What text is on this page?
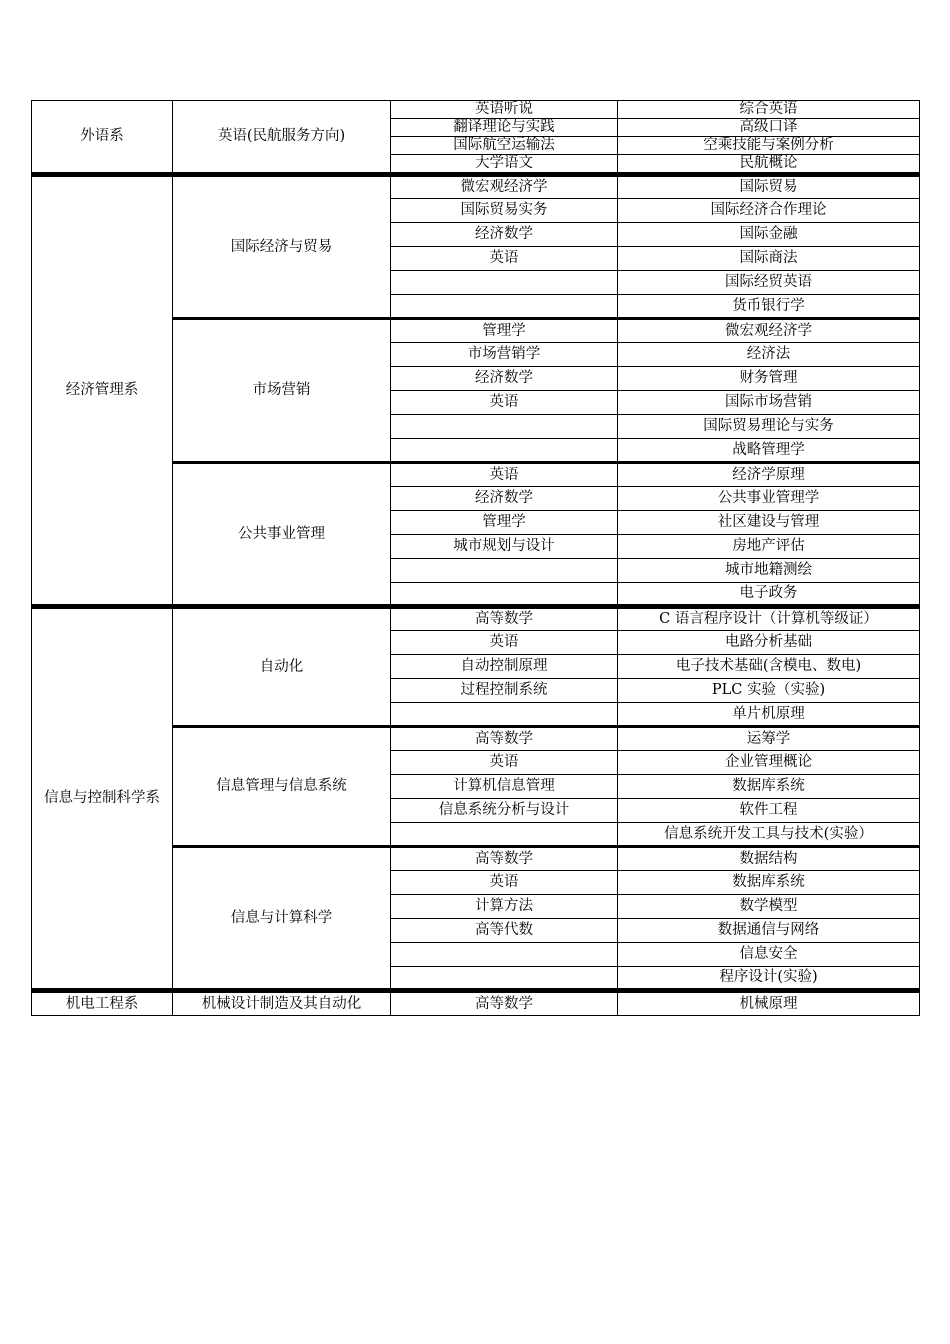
外语系	英语(民航服务方向)	英语听说	综合英语
		翻译理论与实践	高级口译
		国际航空运输法	空乘技能与案例分析
		大学语文	民航概论
经济管理系	国际经济与贸易	微宏观经济学	国际贸易
		国际贸易实务	国际经济合作理论
		经济数学	国际金融
		英语	国际商法
			国际经贸英语
			货币银行学
	市场营销	管理学	微宏观经济学
		市场营销学	经济法
		经济数学	财务管理
		英语	国际市场营销
			国际贸易理论与实务
			战略管理学
	公共事业管理	英语	经济学原理
		经济数学	公共事业管理学
		管理学	社区建设与管理
		城市规划与设计	房地产评估
			城市地籍测绘
			电子政务
信息与控制科学系	自动化	高等数学	C 语言程序设计（计算机等级证）
		英语	电路分析基础
		自动控制原理	电子技术基础(含模电、数电)
		过程控制系统	PLC 实验（实验)
			单片机原理
	信息管理与信息系统	高等数学	运筹学
		英语	企业管理概论
		计算机信息管理	数据库系统
		信息系统分析与设计	软件工程
			信息系统开发工具与技术(实验）
	信息与计算科学	高等数学	数据结构
		英语	数据库系统
		计算方法	数学模型
		高等代数	数据通信与网络
			信息安全
			程序设计(实验)
机电工程系	机械设计制造及其自动化	高等数学	机械原理
